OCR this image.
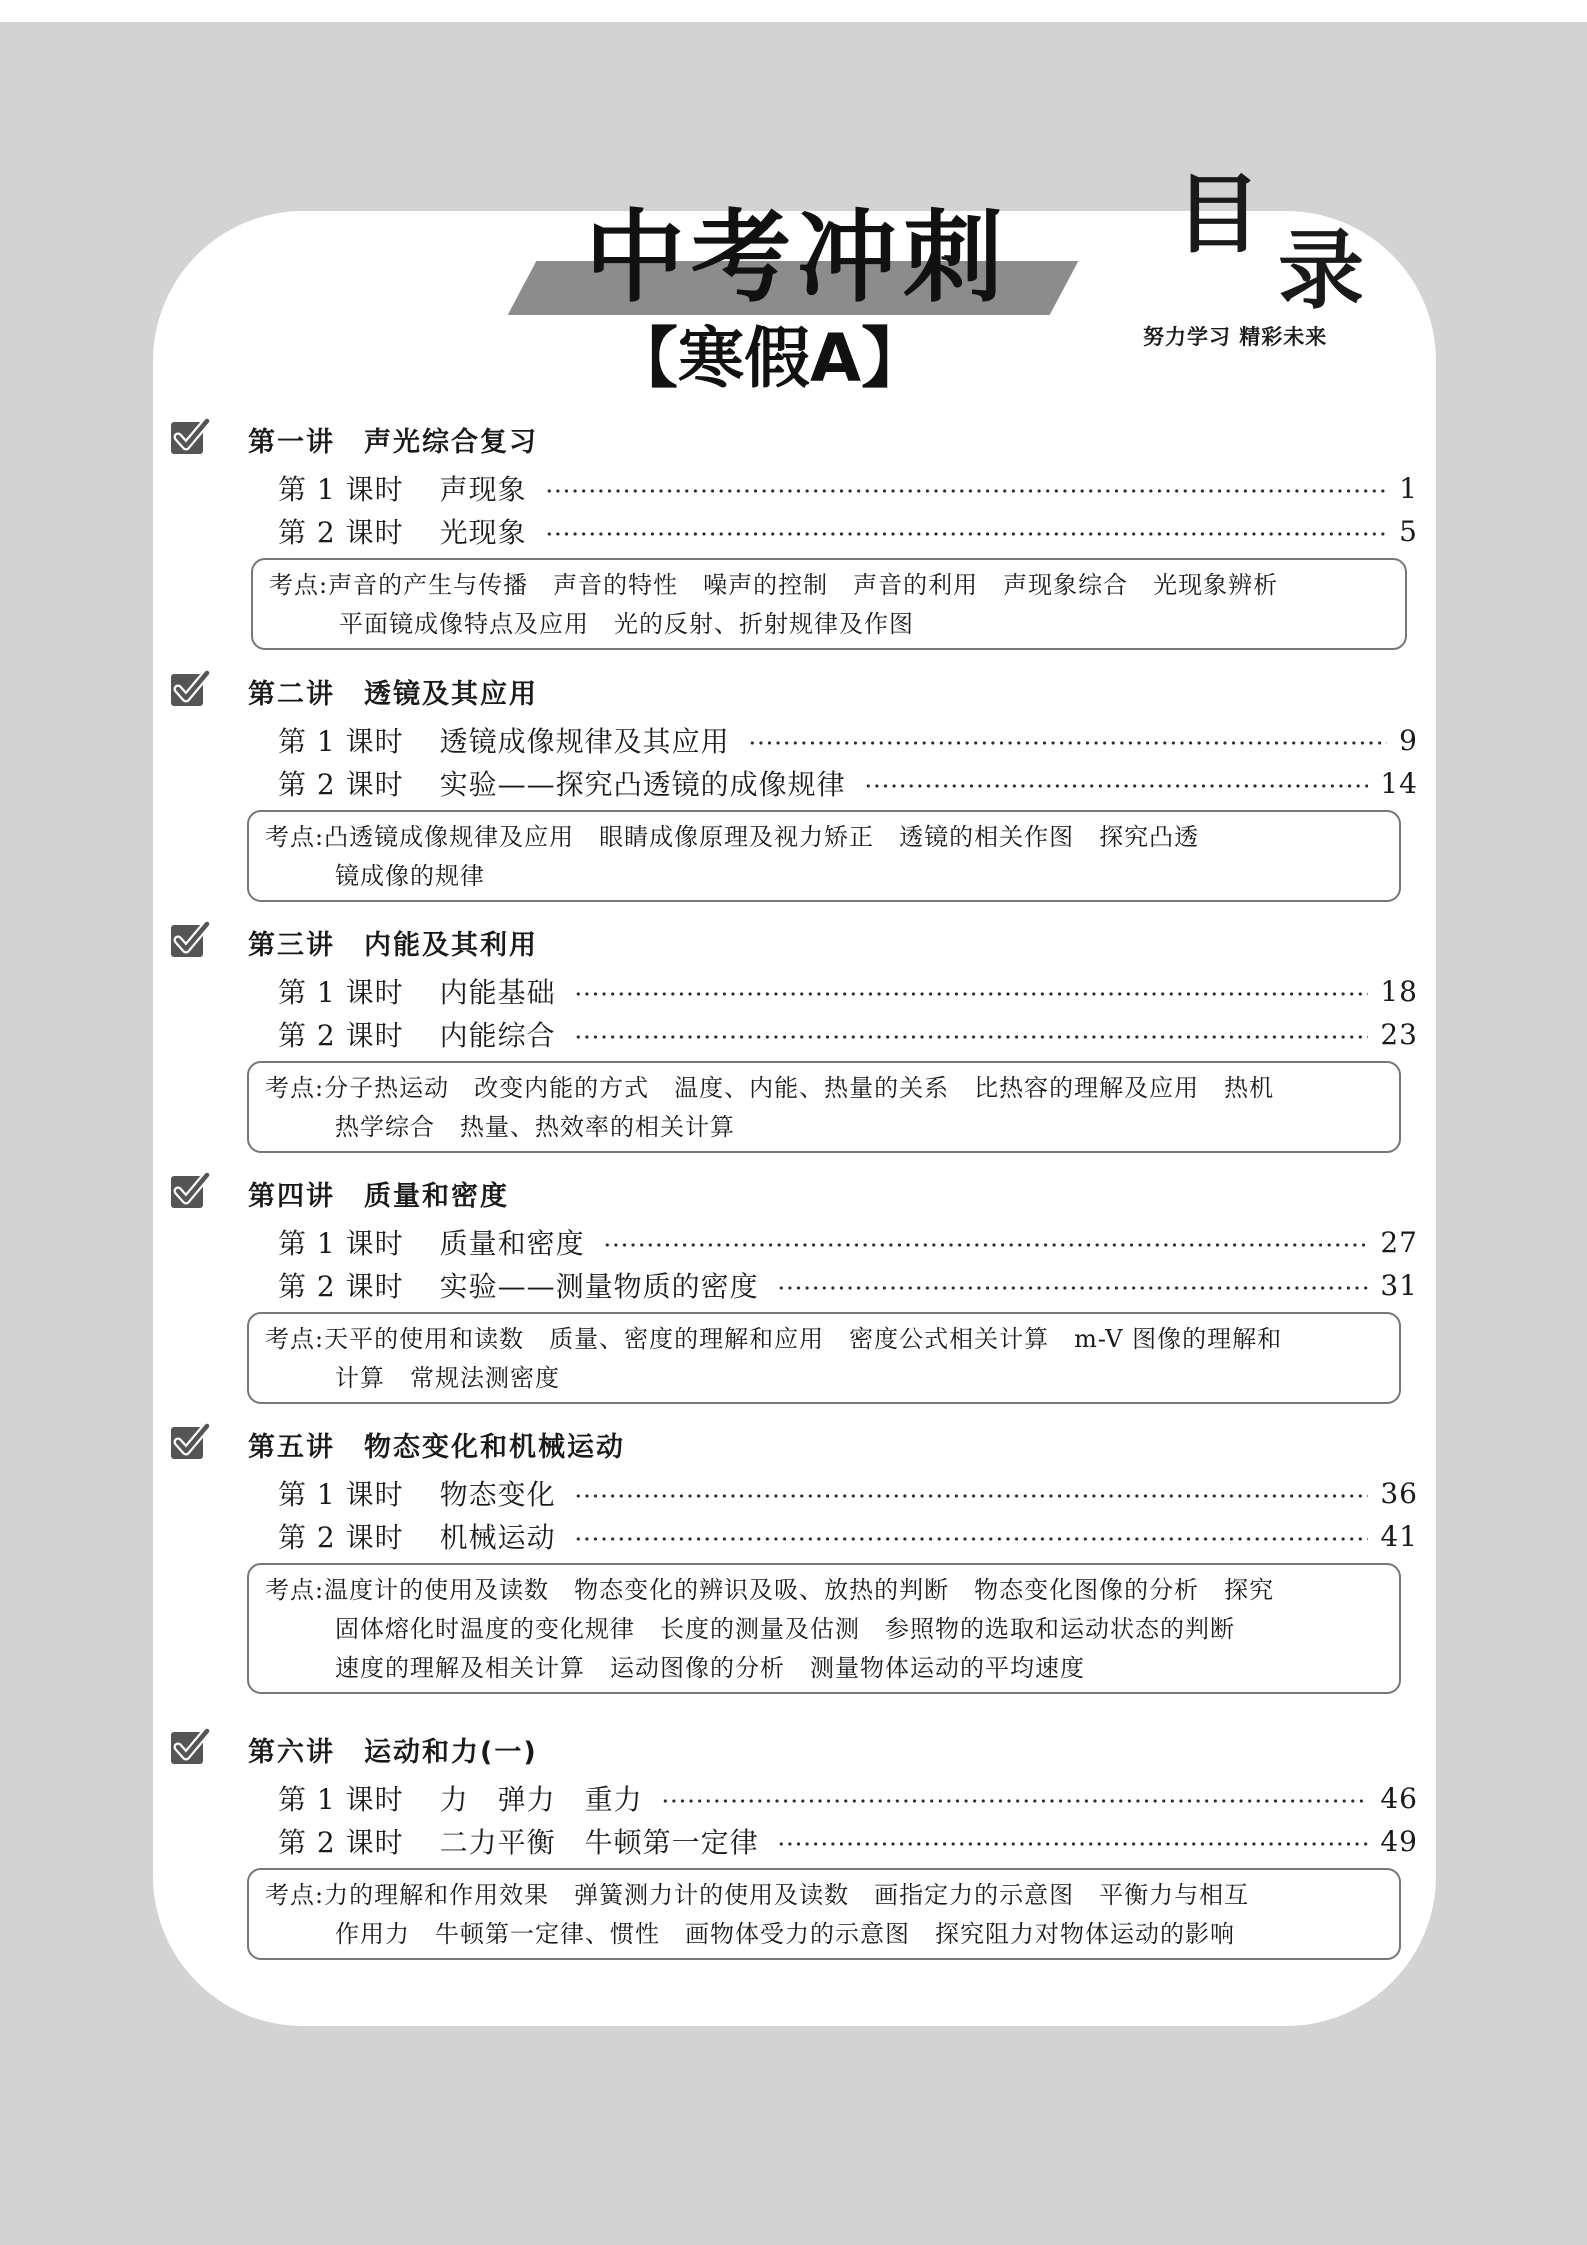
中考冲刺
【寒假A】
目
录
努力学习 精彩未来
第一讲　声光综合复习
第 1 课时 声现象	1
第 2 课时 光现象	5
考点:声音的产生与传播　声音的特性　噪声的控制　声音的利用　声现象综合　光现象辨析
平面镜成像特点及应用　光的反射、折射规律及作图
第二讲　透镜及其应用
第 1 课时 透镜成像规律及其应用	9
第 2 课时 实验——探究凸透镜的成像规律	14
考点:凸透镜成像规律及应用　眼睛成像原理及视力矫正　透镜的相关作图　探究凸透
镜成像的规律
第三讲　内能及其利用
第 1 课时 内能基础	18
第 2 课时 内能综合	23
考点:分子热运动　改变内能的方式　温度、内能、热量的关系　比热容的理解及应用　热机
热学综合　热量、热效率的相关计算
第四讲　质量和密度
第 1 课时 质量和密度	27
第 2 课时 实验——测量物质的密度	31
考点:天平的使用和读数　质量、密度的理解和应用　密度公式相关计算　m-V 图像的理解和
计算　常规法测密度
第五讲　物态变化和机械运动
第 1 课时 物态变化	36
第 2 课时 机械运动	41
考点:温度计的使用及读数　物态变化的辨识及吸、放热的判断　物态变化图像的分析　探究
固体熔化时温度的变化规律　长度的测量及估测　参照物的选取和运动状态的判断
速度的理解及相关计算　运动图像的分析　测量物体运动的平均速度
第六讲　运动和力(一)
第 1 课时 力　弹力　重力	46
第 2 课时 二力平衡　牛顿第一定律	49
考点:力的理解和作用效果　弹簧测力计的使用及读数　画指定力的示意图　平衡力与相互
作用力　牛顿第一定律、惯性　画物体受力的示意图　探究阻力对物体运动的影响
